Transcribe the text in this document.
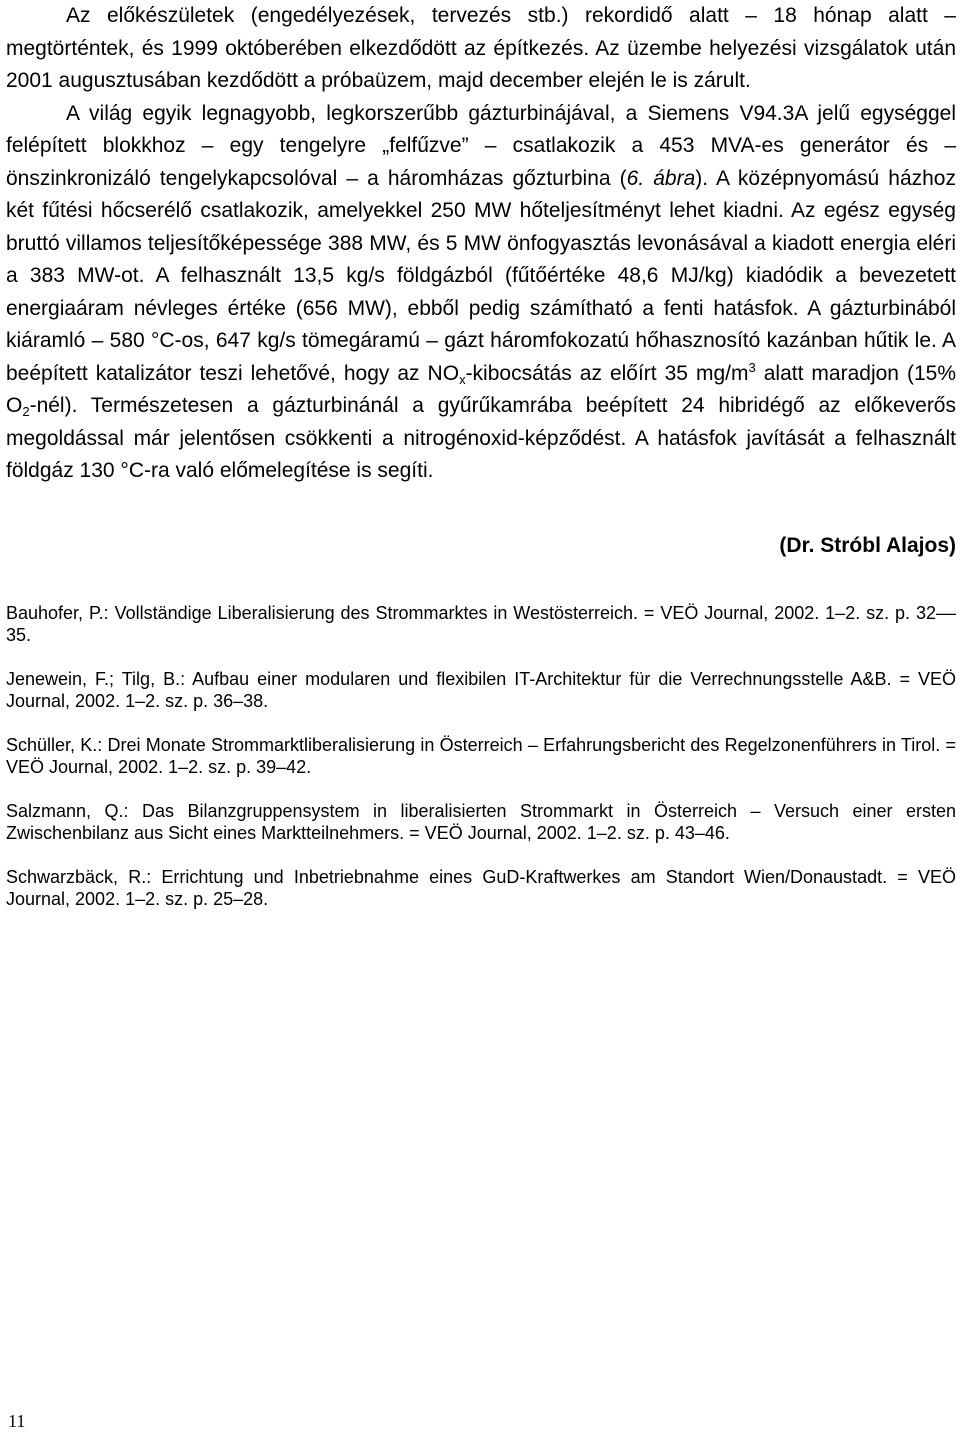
Az előkészületek (engedélyezések, tervezés stb.) rekordidő alatt – 18 hónap alatt – megtörténtek, és 1999 októberében elkezdődött az építkezés. Az üzembe helyezési vizsgálatok után 2001 augusztusában kezdődött a próbaüzem, majd december elején le is zárult.

A világ egyik legnagyobb, legkorszerűbb gázturbinájával, a Siemens V94.3A jelű egységgel felépített blokkhoz – egy tengelyre „felfűzve” – csatlakozik a 453 MVA-es generátor és – önszinkronizáló tengelykapcsolóval – a háromházas gőzturbina (6. ábra). A középnyomású házhoz két fűtési hőcserélő csatlakozik, amelyekkel 250 MW hőteljesítményt lehet kiadni. Az egész egység bruttó villamos teljesítőképessége 388 MW, és 5 MW önfogyasztás levonásával a kiadott energia eléri a 383 MW-ot. A felhasznált 13,5 kg/s földgázból (fűtőértéke 48,6 MJ/kg) kiadódik a bevezetett energiaáram névleges értéke (656 MW), ebből pedig számítható a fenti hatásfok. A gázturbinából kiáramló – 580 °C-os, 647 kg/s tömegáramú – gázt háromfokozatú hőhasznosító kazánban hűtik le. A beépített katalizátor teszi lehetővé, hogy az $NO_x$-kibocsátás az előírt 35 $mg/m^3$ alatt maradjon (15% $O_2-nél$). Természetesen a gázturbinánál a gyűrűkamrába beépített 24 hibridégő az előkeverős megoldással már jelentősen csökkenti a nitrogénoxid-képződést. A hatásfok javítását a felhasznált földgáz 130 °C-ra való előmelegítése is segíti.

(Dr. Stróbl Alajos)

Bauhofer, P.: Vollständige Liberalisierung des Strommarktes in Westösterreich. = VEÖ Journal, 2002. 1–2. sz. p. 32––35.

Jenewein, F.; Tilg, B.: Aufbau einer modularen und flexibilen IT-Architektur für die Verrechnungsstelle A&B. = VEÖ Journal, 2002. 1–2. sz. p. 36–38.

Schüller, K.: Drei Monate Strommarktliberalisierung in Österreich – Erfahrungsbericht des Regelzonenführers in Tirol. = VEÖ Journal, 2002. 1–2. sz. p. 39–42.

Salzmann, Q.: Das Bilanzgruppensystem in liberalisierten Strommarkt in Österreich – Versuch einer ersten Zwischenbilanz aus Sicht eines Marktteilnehmers. = VEÖ Journal, 2002. 1–2. sz. p. 43–46.

Schwarzbäck, R.: Errichtung und Inbetriebnahme eines GuD-Kraftwerkes am Standort Wien/Donaustadt. = VEÖ Journal, 2002. 1–2. sz. p. 25–28.

11
